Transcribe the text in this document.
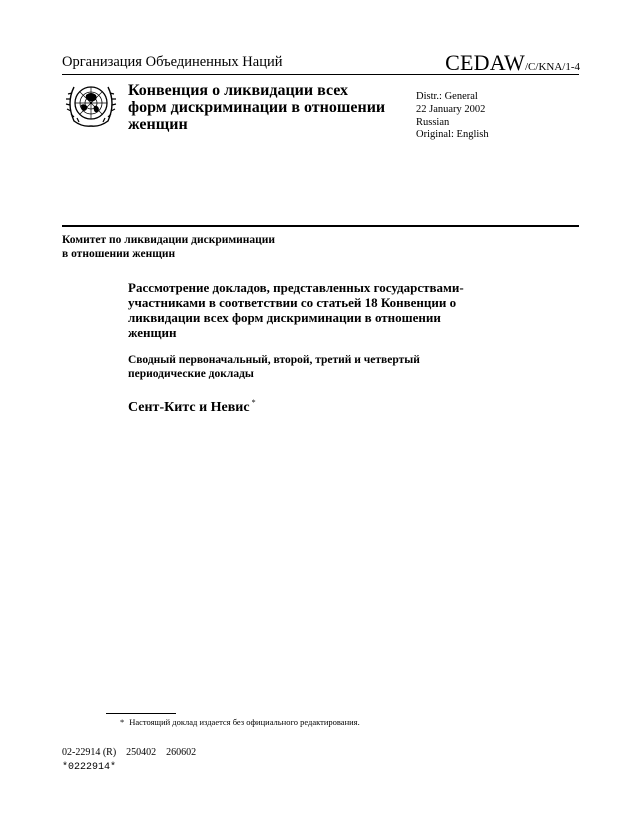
Организация Объединенных Наций	CEDAW/C/KNA/1-4
Конвенция о ликвидации всех форм дискриминации в отношении женщин
Distr.: General
22 January 2002
Russian
Original: English
Комитет по ликвидации дискриминации
в отношении женщин
Рассмотрение докладов, представленных государствами-участниками в соответствии со статьей 18 Конвенции о ликвидации всех форм дискриминации в отношении женщин
Сводный первоначальный, второй, третий и четвертый периодические доклады
Сент-Китс и Невис *
* Настоящий доклад издается без официального редактирования.
02-22914 (R) 250402 260602
*0222914*
